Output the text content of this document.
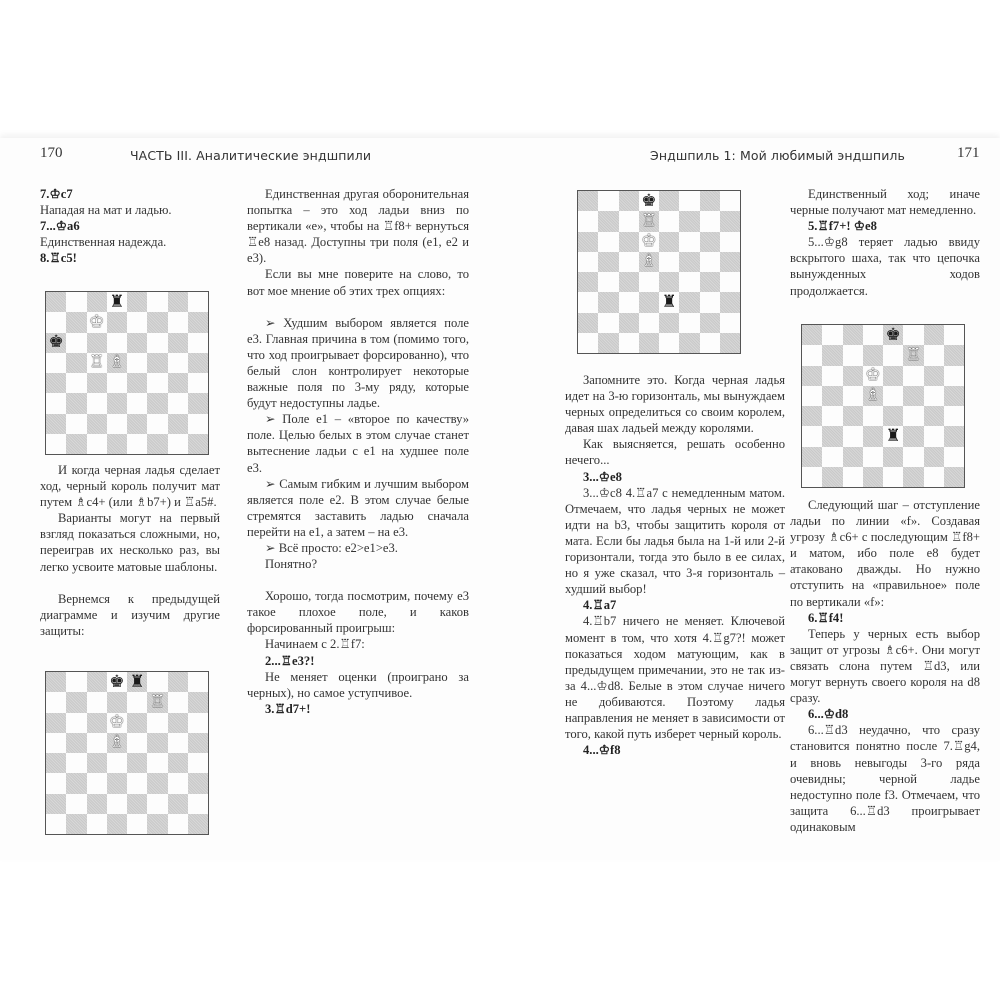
170	ЧАСТЬ III. Аналитические эндшпили	Эндшпиль 1: Мой любимый эндшпиль	171

7.♔c7

Нападая на мат и ладью.

7...♔a6

Единственная надежда.

8.♖c5!

♜
♔
♚
♖ ♗

И когда черная ладья сделает ход, черный король получит мат путем ♗c4+ (или ♗b7+) и ♖a5#.

Варианты могут на первый взгляд показаться сложными, но, переиграв их несколько раз, вы легко усвоите матовые шаблоны.

Вернемся к предыдущей диаграмме и изучим другие защиты:

♚ ♜
♖
♔
♗

Единственная другая оборонительная попытка – это ход ладьи вниз по вертикали «e», чтобы на ♖f8+ вернуться ♖e8 назад. Доступны три поля (e1, e2 и e3).

Если вы мне поверите на слово, то вот мое мнение об этих трех опциях:

➢ Худшим выбором является поле e3. Главная причина в том (помимо того, что ход проигрывает форсированно), что белый слон контролирует некоторые важные поля по 3-му ряду, которые будут недоступны ладье.

➢ Поле e1 – «второе по качеству» поле. Целью белых в этом случае станет вытеснение ладьи с e1 на худшее поле e3.

➢ Самым гибким и лучшим выбором является поле e2. В этом случае белые стремятся заставить ладью сначала перейти на e1, а затем – на e3.

➢ Всё просто: e2>e1>e3.

Понятно?

Хорошо, тогда посмотрим, почему e3 такое плохое поле, и каков форсированный проигрыш:

Начинаем с 2.♖f7:

2...♖e3?!

Не меняет оценки (проиграно за черных), но самое уступчивое.

3.♖d7+!

♚
♖
♔
♗
♜

Запомните это. Когда черная ладья идет на 3-ю горизонталь, мы вынуждаем черных определиться со своим королем, давая шах ладьей между королями.

Как выясняется, решать особенно нечего...

3...♔e8

3...♔c8 4.♖a7 с немедленным матом. Отмечаем, что ладья черных не может идти на b3, чтобы защитить короля от мата. Если бы ладья была на 1-й или 2-й горизонтали, тогда это было в ее силах, но я уже сказал, что 3-я горизонталь – худший выбор!

4.♖a7

4.♖b7 ничего не меняет. Ключевой момент в том, что хотя 4.♖g7?! может показаться ходом матующим, как в предыдущем примечании, это не так из-за 4...♔d8. Белые в этом случае ничего не добиваются. Поэтому ладья направления не меняет в зависимости от того, какой путь изберет черный король.

4...♔f8

Единственный ход; иначе черные получают мат немедленно.

5.♖f7+! ♔e8

5...♔g8 теряет ладью ввиду вскрытого шаха, так что цепочка вынужденных ходов продолжается.

♚
♖
♔
♗
♜

Следующий шаг – отступление ладьи по линии «f». Создавая угрозу ♗c6+ с последующим ♖f8+ и матом, ибо поле e8 будет атаковано дважды. Но нужно отступить на «правильное» поле по вертикали «f»:

6.♖f4!

Теперь у черных есть выбор защит от угрозы ♗c6+. Они могут связать слона путем ♖d3, или могут вернуть своего короля на d8 сразу.

6...♔d8

6...♖d3 неудачно, что сразу становится понятно после 7.♖g4, и вновь невыгоды 3-го ряда очевидны; черной ладье недоступно поле f3. Отмечаем, что защита 6...♖d3 проигрывает одинаковым
